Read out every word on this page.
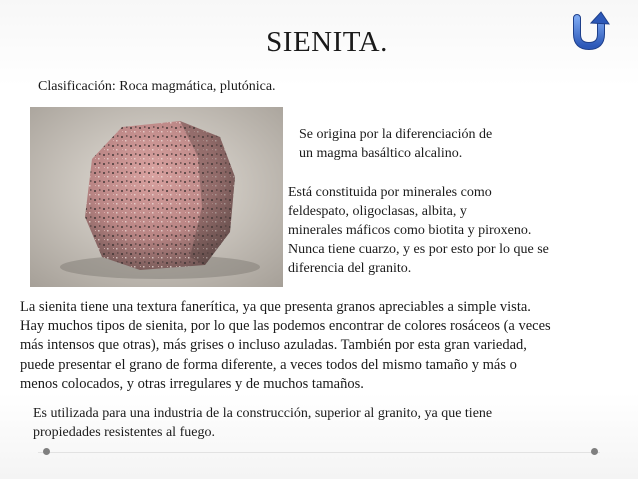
SIENITA.
Clasificación: Roca magmática, plutónica.
Se origina por la diferenciación de
un magma basáltico alcalino.
Está constituida por minerales como
feldespato, oligoclasas, albita, y
minerales máficos como biotita y piroxeno.
Nunca tiene cuarzo, y es por esto por lo que se
diferencia del granito.
La sienita tiene una textura fanerítica, ya que presenta granos apreciables a simple vista.
Hay muchos tipos de sienita, por lo que las podemos encontrar de colores rosáceos (a veces
más intensos que otras), más grises o incluso azuladas. También por esta gran variedad,
puede presentar el grano de forma diferente, a veces todos del mismo tamaño y más o
menos colocados, y otras irregulares y de muchos tamaños.
Es utilizada para una industria de la construcción, superior al granito, ya que tiene
propiedades resistentes al fuego.
